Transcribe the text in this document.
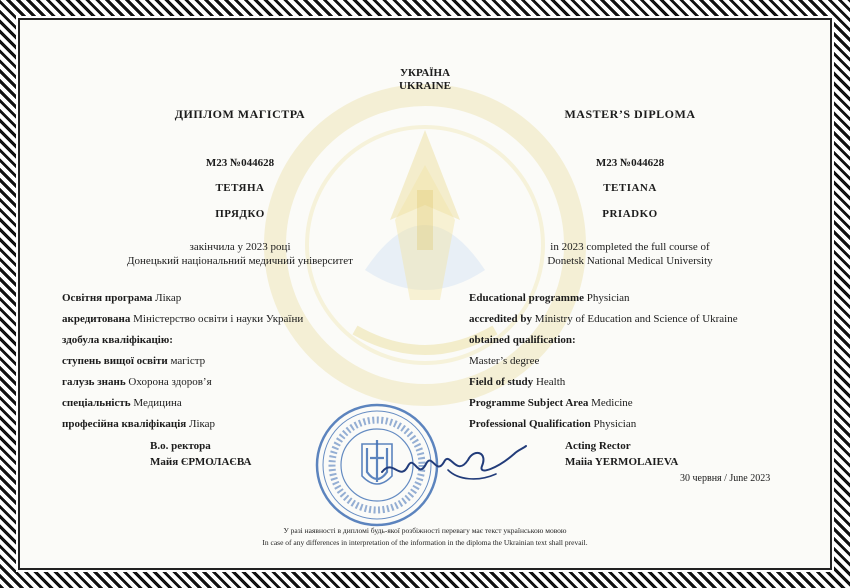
УКРАЇНА
UKRAINE
ДИПЛОМ МАГІСТРА
М23 №044628
ТЕТЯНА
ПРЯДКО
закінчила у 2023 році
Донецький національний медичний університет
Освітня програма Лікар
акредитована Міністерство освіти і науки України
здобула кваліфікацію:
ступень вищої освіти магістр
галузь знань Охорона здоров’я
спеціальність Медицина
професійна кваліфікація Лікар
В.о. ректора
Майя ЄРМОЛАЄВА
MASTER’S DIPLOMA
М23 №044628
TETIANA
PRIADKO
in 2023 completed the full course of
Donetsk National Medical University
Educational programme Physician
accredited by Ministry of Education and Science of Ukraine
obtained qualification:
Master’s degree
Field of study Health
Programme Subject Area Medicine
Professional Qualification Physician
Acting Rector
Maiia YERMOLAIEVA
30 червня / June 2023
У разі наявності в дипломі будь-якої розбіжності перевагу має текст українською мовою
In case of any differences in interpretation of the information in the diploma the Ukrainian text shall prevail.
